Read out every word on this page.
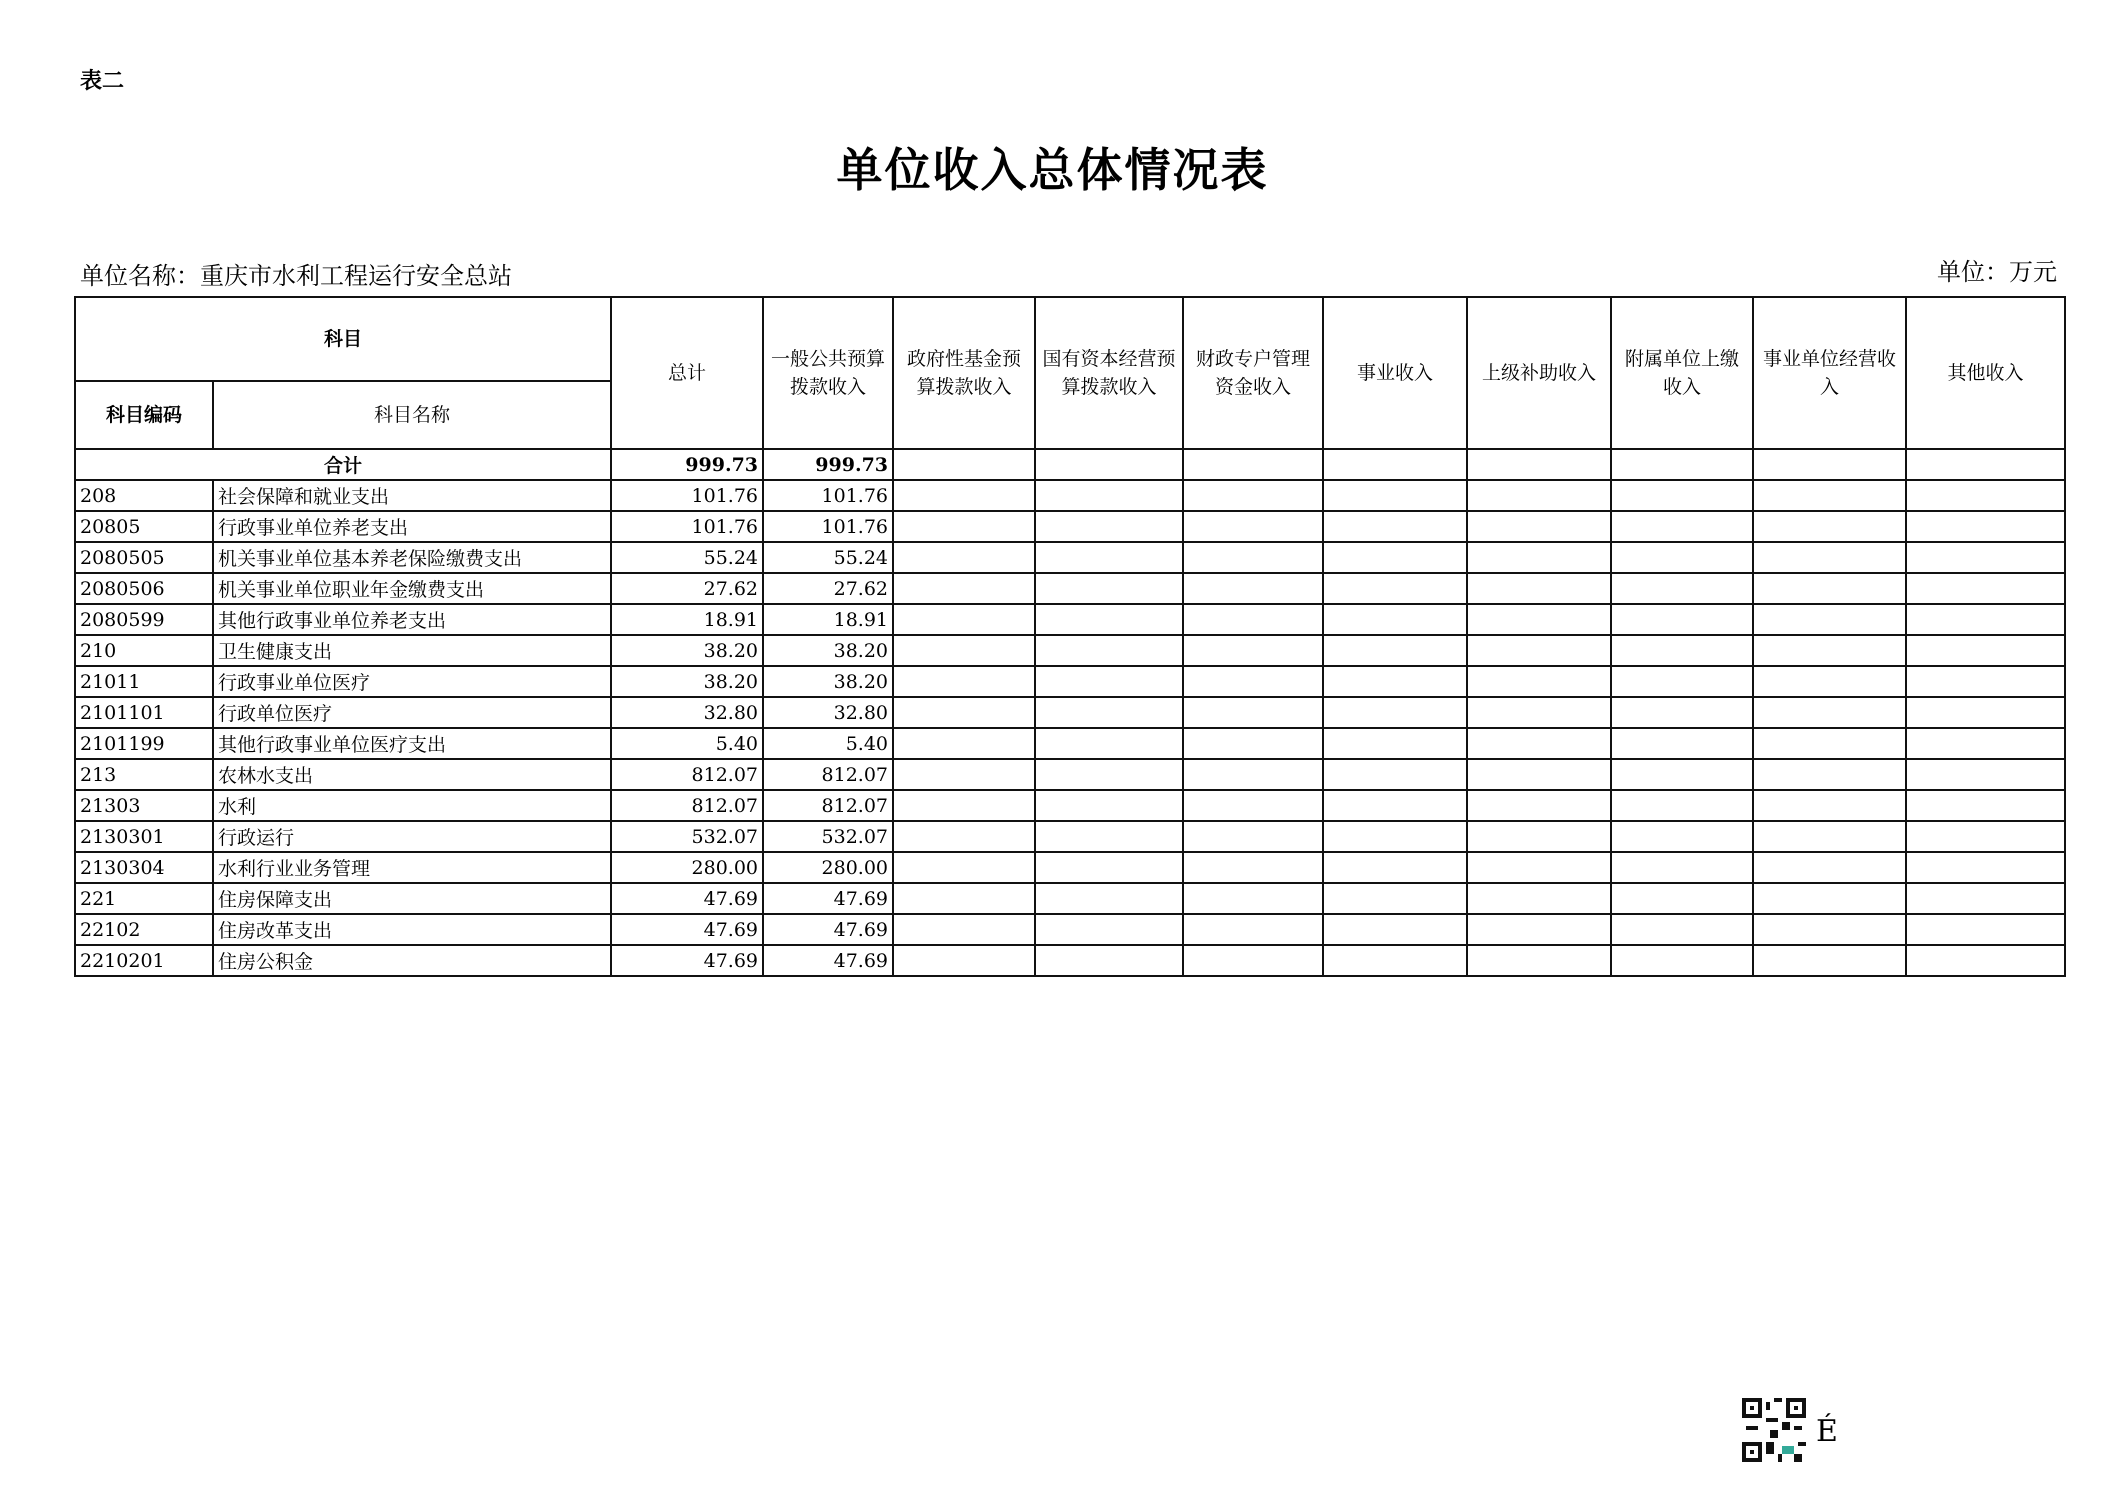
表二
单位收入总体情况表
单位名称：重庆市水利工程运行安全总站	单位：万元
科目		总计	一般公共预算拨款收入	政府性基金预算拨款收入	国有资本经营预算拨款收入	财政专户管理资金收入	事业收入	上级补助收入	附属单位上缴收入	事业单位经营收入	其他收入
科目编码	科目名称										
合计		999.73	999.73								
208	社会保障和就业支出	101.76	101.76								
20805	行政事业单位养老支出	101.76	101.76								
2080505	机关事业单位基本养老保险缴费支出	55.24	55.24								
2080506	机关事业单位职业年金缴费支出	27.62	27.62								
2080599	其他行政事业单位养老支出	18.91	18.91								
210	卫生健康支出	38.20	38.20								
21011	行政事业单位医疗	38.20	38.20								
2101101	行政单位医疗	32.80	32.80								
2101199	其他行政事业单位医疗支出	5.40	5.40								
213	农林水支出	812.07	812.07								
21303	水利	812.07	812.07								
2130301	行政运行	532.07	532.07								
2130304	水利行业业务管理	280.00	280.00								
221	住房保障支出	47.69	47.69								
22102	住房改革支出	47.69	47.69								
2210201	住房公积金	47.69	47.69								
É
